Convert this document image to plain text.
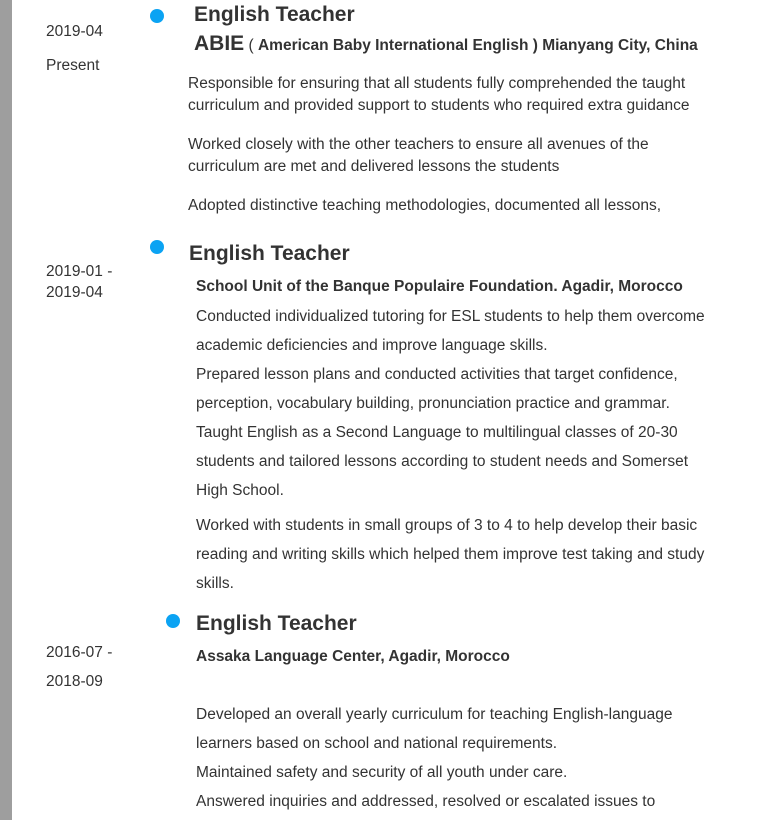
2019-04
Present
English Teacher
ABIE ( American Baby International English ) Mianyang City, China
Responsible for ensuring that all students fully comprehended the taught
curriculum and provided support to students who required extra guidance
Worked closely with the other teachers to ensure all avenues of the
curriculum are met and delivered lessons the students
Adopted distinctive teaching methodologies, documented all lessons,
2019-01 -
2019-04
English Teacher
School Unit of the Banque Populaire Foundation. Agadir, Morocco
Conducted individualized tutoring for ESL students to help them overcome
academic deficiencies and improve language skills.
Prepared lesson plans and conducted activities that target confidence,
perception, vocabulary building, pronunciation practice and grammar.
Taught English as a Second Language to multilingual classes of 20-30
students and tailored lessons according to student needs and Somerset
High School.
Worked with students in small groups of 3 to 4 to help develop their basic
reading and writing skills which helped them improve test taking and study
skills.
2016-07 -
2018-09
English Teacher
Assaka Language Center, Agadir, Morocco
Developed an overall yearly curriculum for teaching English-language
learners based on school and national requirements.
Maintained safety and security of all youth under care.
Answered inquiries and addressed, resolved or escalated issues to
